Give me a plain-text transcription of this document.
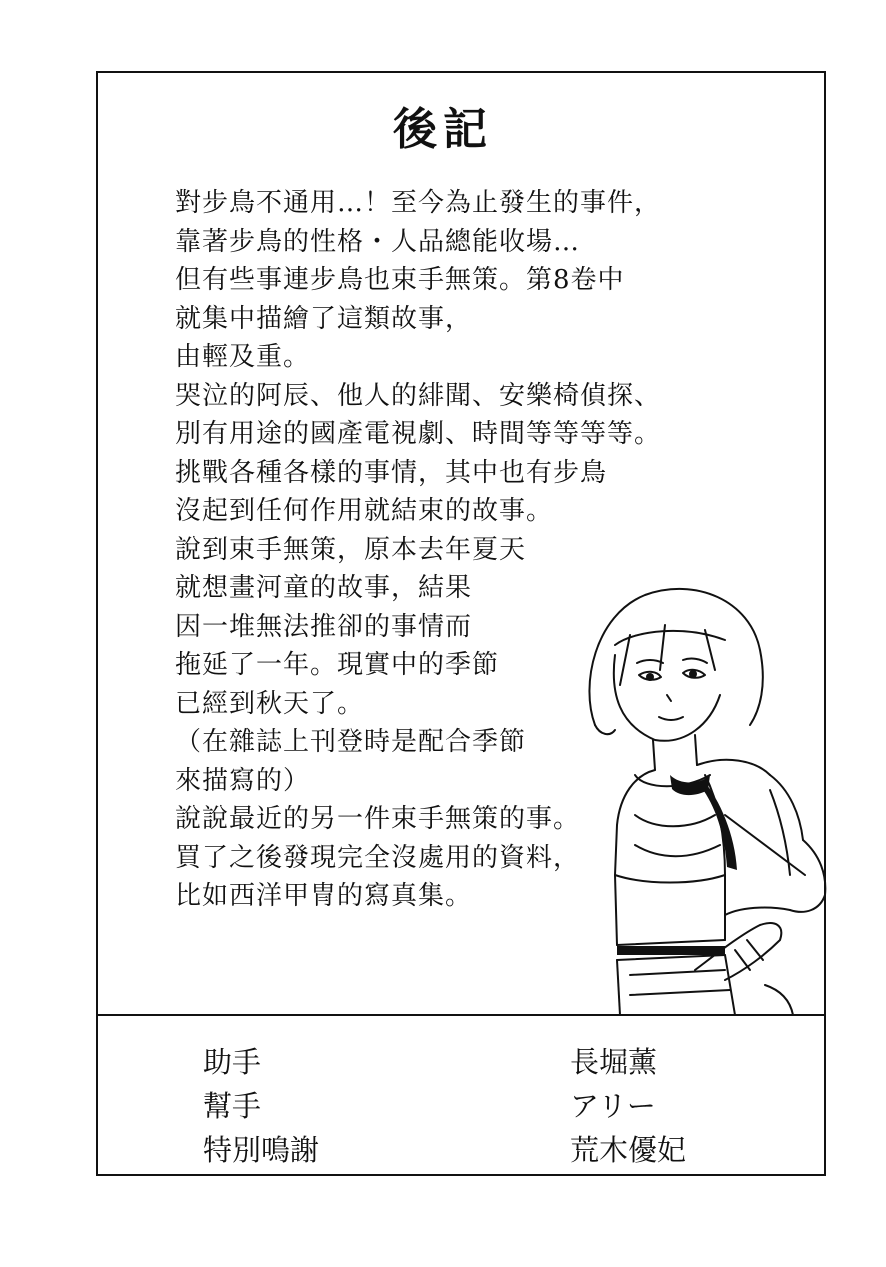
後記
對步鳥不通用…！至今為止發生的事件，
靠著步鳥的性格・人品總能收場…
但有些事連步鳥也束手無策。第8卷中
就集中描繪了這類故事，
由輕及重。
哭泣的阿辰、他人的緋聞、安樂椅偵探、
別有用途的國產電視劇、時間等等等等。
挑戰各種各樣的事情，其中也有步鳥
沒起到任何作用就結束的故事。
說到束手無策，原本去年夏天
就想畫河童的故事，結果
因一堆無法推卻的事情而
拖延了一年。現實中的季節
已經到秋天了。
（在雜誌上刊登時是配合季節
來描寫的）
說說最近的另一件束手無策的事。
買了之後發現完全沒處用的資料，
比如西洋甲冑的寫真集。
助手
幫手
特別鳴謝
長堀薰
アリー
荒木優妃
